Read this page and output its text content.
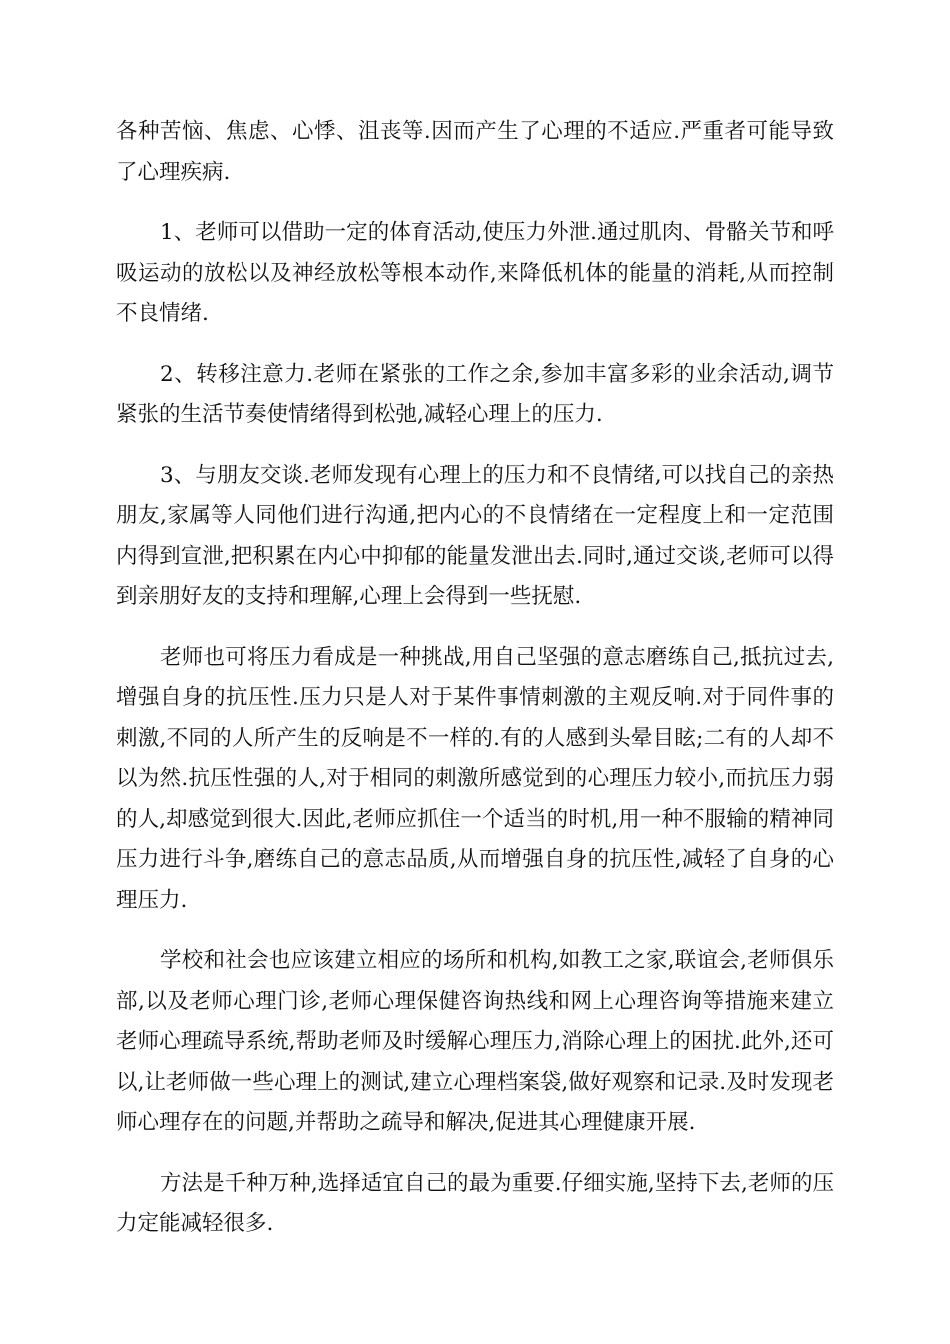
各种苦恼、焦虑、心悸、沮丧等.因而产生了心理的不适应.严重者可能导致了心理疾病.

1、老师可以借助一定的体育活动,使压力外泄.通过肌肉、骨骼关节和呼吸运动的放松以及神经放松等根本动作,来降低机体的能量的消耗,从而控制不良情绪.

2、转移注意力.老师在紧张的工作之余,参加丰富多彩的业余活动,调节紧张的生活节奏使情绪得到松弛,减轻心理上的压力.

3、与朋友交谈.老师发现有心理上的压力和不良情绪,可以找自己的亲热朋友,家属等人同他们进行沟通,把内心的不良情绪在一定程度上和一定范围内得到宣泄,把积累在内心中抑郁的能量发泄出去.同时,通过交谈,老师可以得到亲朋好友的支持和理解,心理上会得到一些抚慰.

老师也可将压力看成是一种挑战,用自己坚强的意志磨练自己,抵抗过去,增强自身的抗压性.压力只是人对于某件事情刺激的主观反响.对于同件事的刺激,不同的人所产生的反响是不一样的.有的人感到头晕目眩;二有的人却不以为然.抗压性强的人,对于相同的刺激所感觉到的心理压力较小,而抗压力弱的人,却感觉到很大.因此,老师应抓住一个适当的时机,用一种不服输的精神同压力进行斗争,磨练自己的意志品质,从而增强自身的抗压性,减轻了自身的心理压力.

学校和社会也应该建立相应的场所和机构,如教工之家,联谊会,老师俱乐部,以及老师心理门诊,老师心理保健咨询热线和网上心理咨询等措施来建立老师心理疏导系统,帮助老师及时缓解心理压力,消除心理上的困扰.此外,还可以,让老师做一些心理上的测试,建立心理档案袋,做好观察和记录.及时发现老师心理存在的问题,并帮助之疏导和解决,促进其心理健康开展.

方法是千种万种,选择适宜自己的最为重要.仔细实施,坚持下去,老师的压力定能减轻很多.
